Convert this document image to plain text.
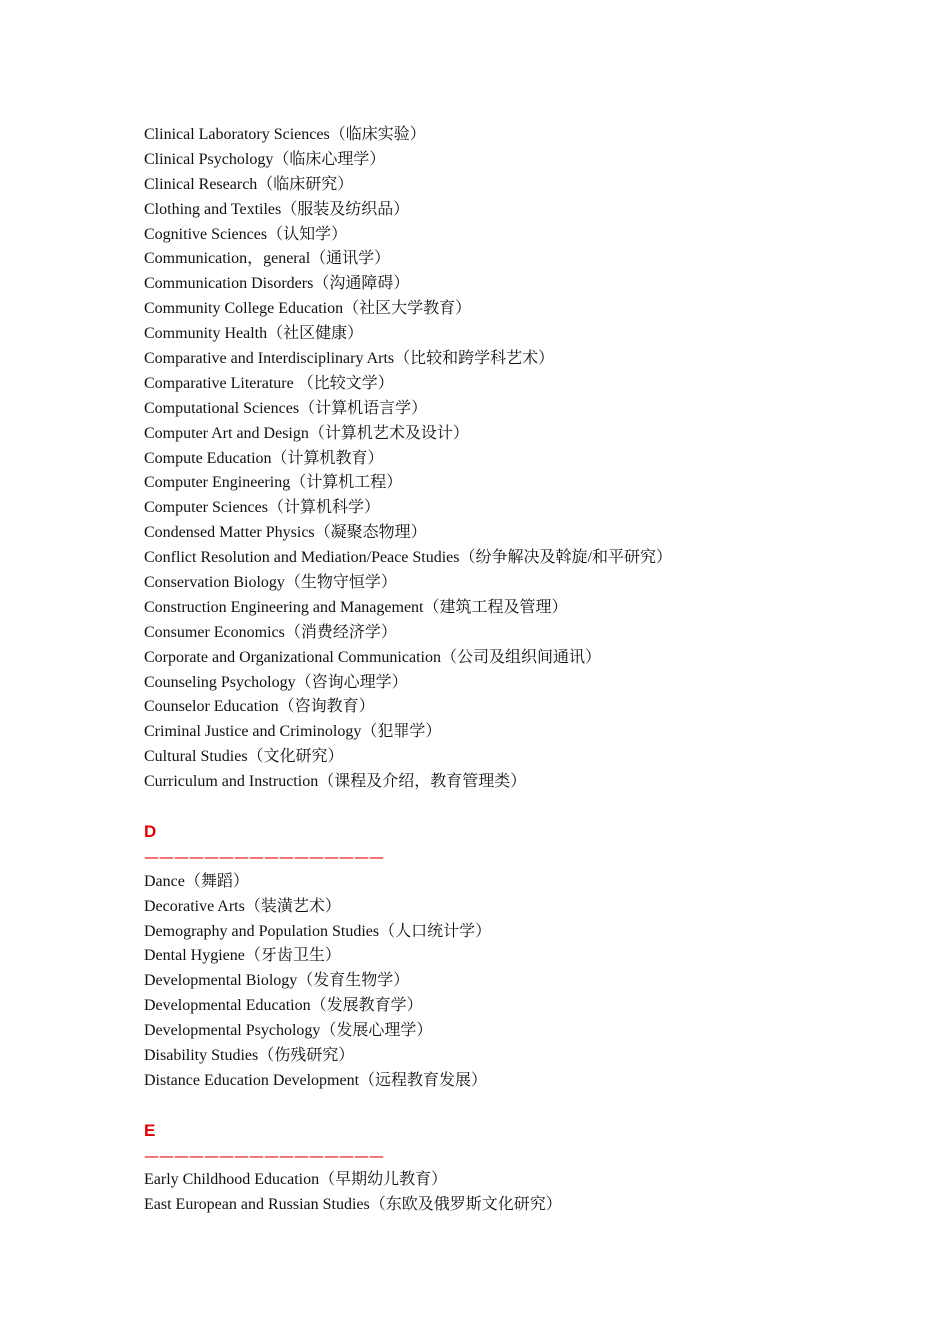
Clinical Laboratory Sciences（临床实验）
Clinical Psychology（临床心理学）
Clinical Research（临床研究）
Clothing and Textiles（服装及纺织品）
Cognitive Sciences（认知学）
Communication，general（通讯学）
Communication Disorders（沟通障碍）
Community College Education（社区大学教育）
Community Health（社区健康）
Comparative and Interdisciplinary Arts（比较和跨学科艺术）
Comparative Literature （比较文学）
Computational Sciences（计算机语言学）
Computer Art and Design（计算机艺术及设计）
Compute Education（计算机教育）
Computer Engineering（计算机工程）
Computer Sciences（计算机科学）
Condensed Matter Physics（凝聚态物理）
Conflict Resolution and Mediation/Peace Studies（纷争解决及斡旋/和平研究）
Conservation Biology（生物守恒学）
Construction Engineering and Management（建筑工程及管理）
Consumer Economics（消费经济学）
Corporate and Organizational Communication（公司及组织间通讯）
Counseling Psychology（咨询心理学）
Counselor Education（咨询教育）
Criminal Justice and Criminology（犯罪学）
Cultural Studies（文化研究）
Curriculum and Instruction（课程及介绍，教育管理类）
D
————————————————
Dance（舞蹈）
Decorative Arts（装潢艺术）
Demography and Population Studies（人口统计学）
Dental Hygiene（牙齿卫生）
Developmental Biology（发育生物学）
Developmental Education（发展教育学）
Developmental Psychology（发展心理学）
Disability Studies（伤残研究）
Distance Education Development（远程教育发展）
E
————————————————
Early Childhood Education（早期幼儿教育）
East European and Russian Studies（东欧及俄罗斯文化研究）
